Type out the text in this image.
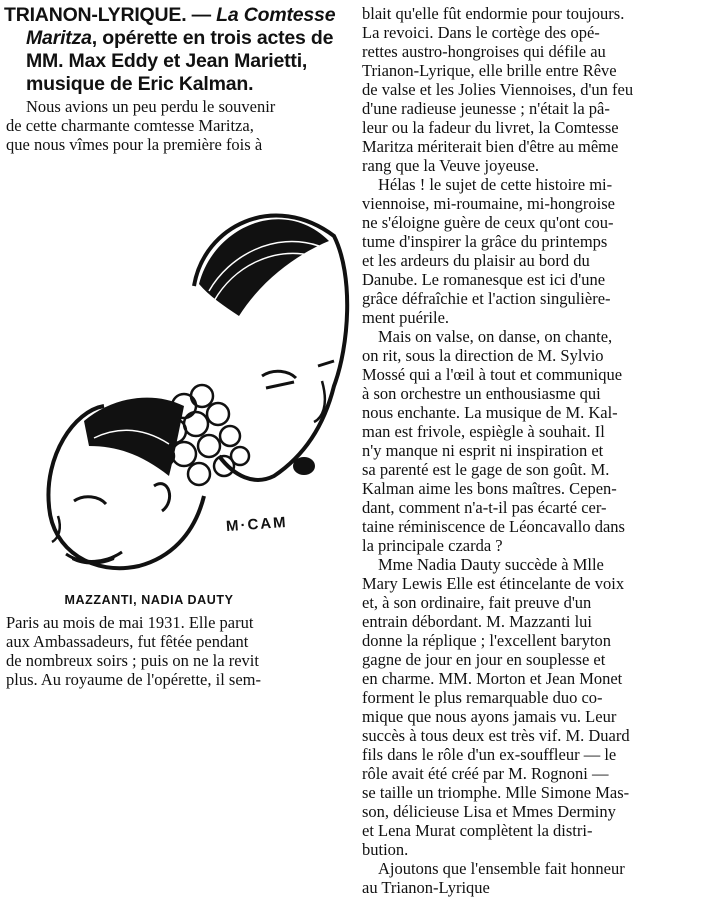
TRIANON-LYRIQUE. — La Comtesse
Maritza, opérette en trois actes de
MM. Max Eddy et Jean Marietti,
musique de Eric Kalman.
Nous avions un peu perdu le souvenir
de cette charmante comtesse Maritza,
que nous vîmes pour la première fois à
M·CAM
MAZZANTI, NADIA DAUTY
Paris au mois de mai 1931. Elle parut
aux Ambassadeurs, fut fêtée pendant
de nombreux soirs ; puis on ne la revit
plus. Au royaume de l'opérette, il sem-
blait qu'elle fût endormie pour toujours.
La revoici. Dans le cortège des opé-
rettes austro-hongroises qui défile au
Trianon-Lyrique, elle brille entre Rêve
de valse et les Jolies Viennoises, d'un feu
d'une radieuse jeunesse ; n'était la pâ-
leur ou la fadeur du livret, la Comtesse
Maritza mériterait bien d'être au même
rang que la Veuve joyeuse.
Hélas ! le sujet de cette histoire mi-
viennoise, mi-roumaine, mi-hongroise
ne s'éloigne guère de ceux qu'ont cou-
tume d'inspirer la grâce du printemps
et les ardeurs du plaisir au bord du
Danube. Le romanesque est ici d'une
grâce défraîchie et l'action singulière-
ment puérile.
Mais on valse, on danse, on chante,
on rit, sous la direction de M. Sylvio
Mossé qui a l'œil à tout et communique
à son orchestre un enthousiasme qui
nous enchante. La musique de M. Kal-
man est frivole, espiègle à souhait. Il
n'y manque ni esprit ni inspiration et
sa parenté est le gage de son goût. M.
Kalman aime les bons maîtres. Cepen-
dant, comment n'a-t-il pas écarté cer-
taine réminiscence de Léoncavallo dans
la principale czarda ?
Mme Nadia Dauty succède à Mlle
Mary Lewis Elle est étincelante de voix
et, à son ordinaire, fait preuve d'un
entrain débordant. M. Mazzanti lui
donne la réplique ; l'excellent baryton
gagne de jour en jour en souplesse et
en charme. MM. Morton et Jean Monet
forment le plus remarquable duo co-
mique que nous ayons jamais vu. Leur
succès à tous deux est très vif. M. Duard
fils dans le rôle d'un ex-souffleur — le
rôle avait été créé par M. Rognoni —
se taille un triomphe. Mlle Simone Mas-
son, délicieuse Lisa et Mmes Derminy
et Lena Murat complètent la distri-
bution.
Ajoutons que l'ensemble fait honneur
au Trianon-Lyrique
